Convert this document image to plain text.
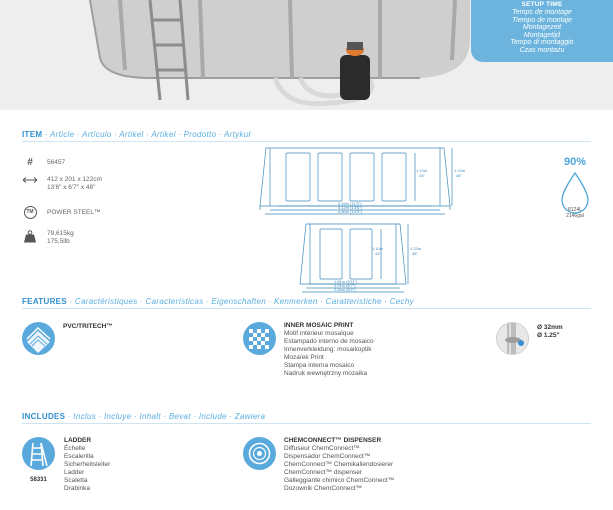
SETUP TIME
Temps de montage
Tiempo de montaje
Montagezeit
Montagetijd
Tempo di montaggio
Czas montażu
ITEM · Article · Artículo · Artikel · Artikel · Prodotto · Artykuł
#	56457
412 x 201 x 122cm
13'6" x 6'7" x 48"
TM	POWER STEEL™
79,615kg
175,5llb
1.10m
43"
1.22m
48"
3.49m (11'5")
4.12m (13'6")
4.50m (14'9")
1.10m
43"
1.22m
48"
1.81m (5'11")
2.01m (6'7")
2.54m (8'4")
90%
8124L
2146gal
FEATURES · Caractéristiques · Características · Eigenschaften · Kenmerken · Caratteristiche · Cechy
PVC/TRITECH™	INNER MOSAIC PRINT
Motif intérieur mosaïque
Estampado interno de mosaico
Innenverkleidung: mosaikoptik
Mozaïek Print
Stampa interna mosaico
Nadruk wewnętrzny mozaika
Ø 32mm
Ø 1.25"
INCLUDES · Inclus · Incluye · Inhalt · Bevat · Include · Zawiera
58331
LADDER
Échelle
Escalerilla
Sicherheitsleiter
Ladder
Scaletta
Drabinka
CHEMCONNECT™ DISPENSER
Diffuseur ChemConnect™
Dispensador ChemConnect™
ChemConnect™ Chemikaliendosierer
ChemConnect™ dispenser
Galleggiante chimico ChemConnect™
Dozownik ChemConnect™
